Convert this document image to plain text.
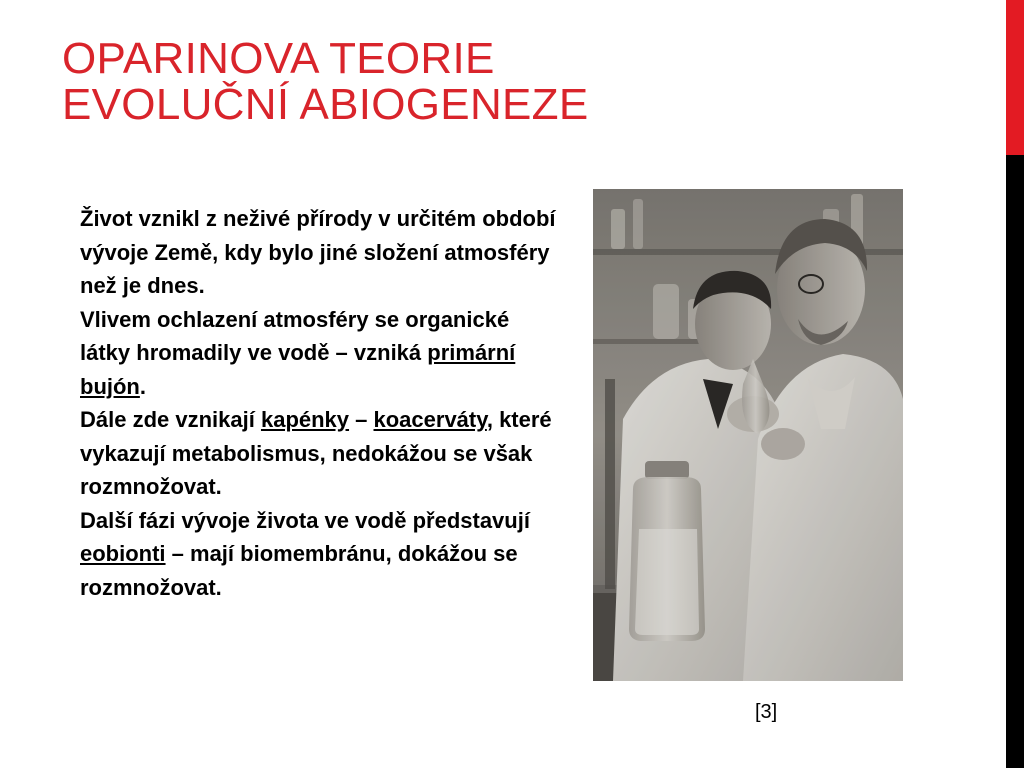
OPARINOVA TEORIE
EVOLUČNÍ ABIOGENEZE

Život vznikl z neživé přírody v určitém období vývoje Země, kdy bylo jiné složení atmosféry než je dnes.

Vlivem ochlazení atmosféry se organické látky hromadily ve vodě – vzniká primární bujón.

Dále zde vznikají kapénky – koacerváty, které vykazují metabolismus, nedokážou se však rozmnožovat.

Další fázi vývoje života ve vodě představují eobionti – mají biomembránu, dokážou se rozmnožovat.

[3]
